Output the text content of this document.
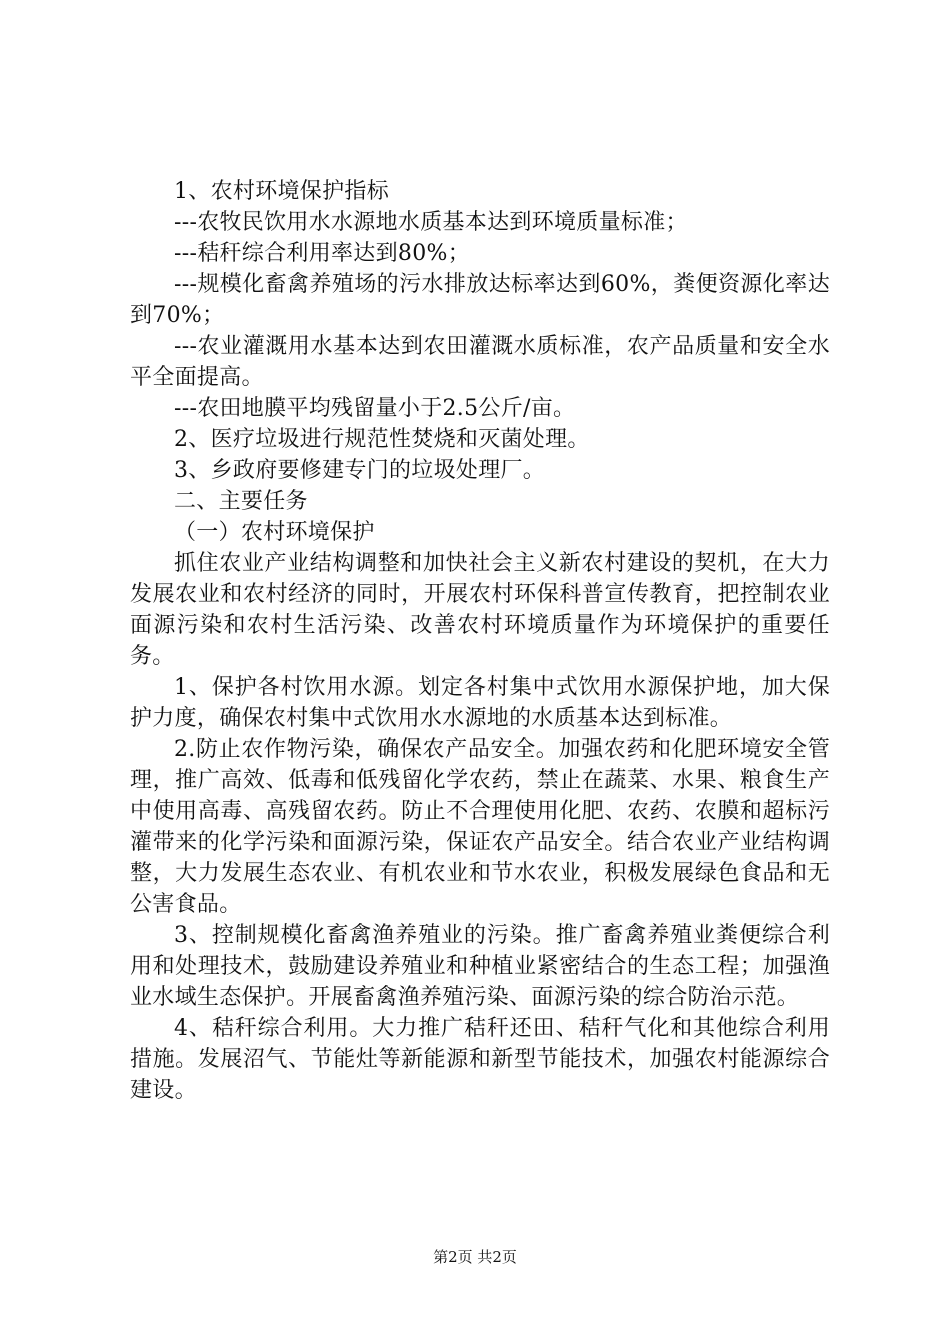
1、农村环境保护指标

---农牧民饮用水水源地水质基本达到环境质量标准；

---秸秆综合利用率达到80%；

---规模化畜禽养殖场的污水排放达标率达到60%，粪便资源化率达到70%；

---农业灌溉用水基本达到农田灌溉水质标准，农产品质量和安全水平全面提高。

---农田地膜平均残留量小于2.5公斤/亩。

2、医疗垃圾进行规范性焚烧和灭菌处理。

3、乡政府要修建专门的垃圾处理厂。

二、主要任务

（一）农村环境保护

抓住农业产业结构调整和加快社会主义新农村建设的契机，在大力发展农业和农村经济的同时，开展农村环保科普宣传教育，把控制农业面源污染和农村生活污染、改善农村环境质量作为环境保护的重要任务。

1、保护各村饮用水源。划定各村集中式饮用水源保护地，加大保护力度，确保农村集中式饮用水水源地的水质基本达到标准。

2.防止农作物污染，确保农产品安全。加强农药和化肥环境安全管理，推广高效、低毒和低残留化学农药，禁止在蔬菜、水果、粮食生产中使用高毒、高残留农药。防止不合理使用化肥、农药、农膜和超标污灌带来的化学污染和面源污染，保证农产品安全。结合农业产业结构调整，大力发展生态农业、有机农业和节水农业，积极发展绿色食品和无公害食品。

3、控制规模化畜禽渔养殖业的污染。推广畜禽养殖业粪便综合利用和处理技术，鼓励建设养殖业和种植业紧密结合的生态工程；加强渔业水域生态保护。开展畜禽渔养殖污染、面源污染的综合防治示范。

4、秸秆综合利用。大力推广秸秆还田、秸秆气化和其他综合利用措施。发展沼气、节能灶等新能源和新型节能技术，加强农村能源综合建设。

第2页 共2页
